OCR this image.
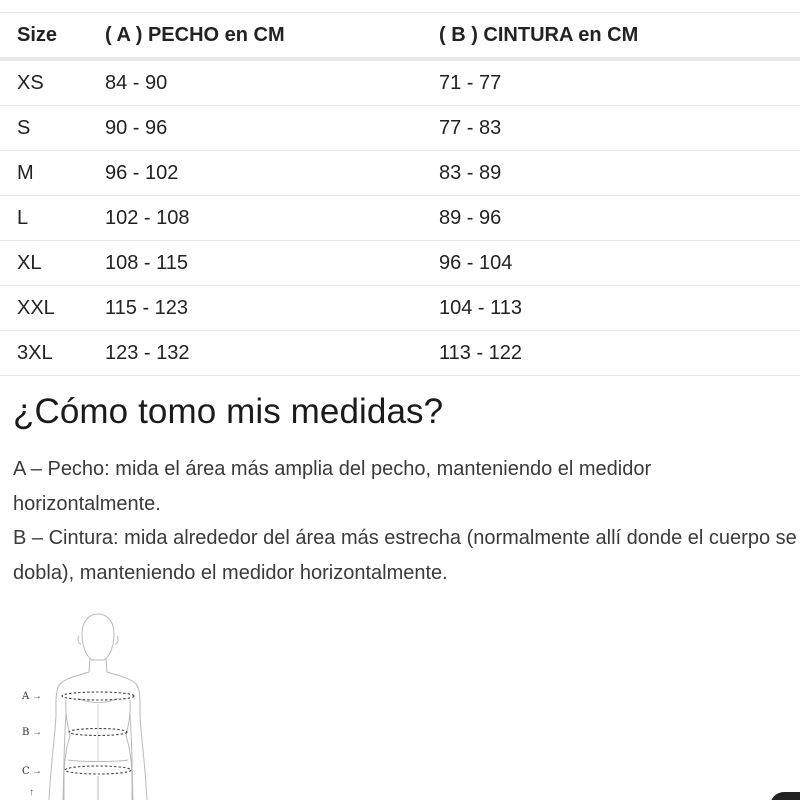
Size	( A ) PECHO en CM	( B ) CINTURA en CM
XS	84 - 90	71 - 77
S	90 - 96	77 - 83
M	96 - 102	83 - 89
L	102 - 108	89 - 96
XL	108 - 115	96 - 104
XXL	115 - 123	104 - 113
3XL	123 - 132	113 - 122
¿Cómo tomo mis medidas?

A – Pecho: mida el área más amplia del pecho, manteniendo el medidor horizontalmente.

B – Cintura: mida alrededor del área más estrecha (normalmente allí donde el cuerpo se dobla), manteniendo el medidor horizontalmente.

A →
B →
C →
↑
